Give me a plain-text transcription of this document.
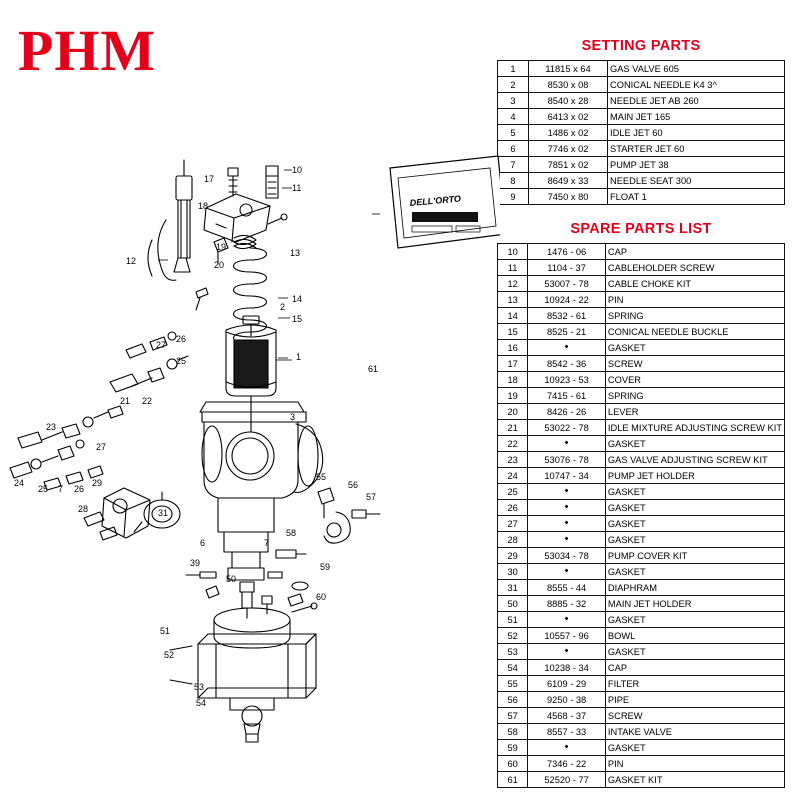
PHM	SETTING PARTS
1	11815 x 64	GAS VALVE 605
2	8530 x 08	CONICAL NEEDLE K4 3^
3	8540 x 28	NEEDLE JET AB 260
4	6413 x 02	MAIN JET 165
5	1486 x 02	IDLE JET 60
6	7746 x 02	STARTER JET 60
7	7851 x 02	PUMP JET 38
8	8649 x 33	NEEDLE SEAT 300
9	7450 x 80	FLOAT 1
SPARE PARTS LIST
10	1476 - 06	CAP
11	1104 - 37	CABLEHOLDER SCREW
12	53007 - 78	CABLE CHOKE KIT
13	10924 - 22	PIN
14	8532 - 61	SPRING
15	8525 - 21	CONICAL NEEDLE BUCKLE
16	•	GASKET
17	8542 - 36	SCREW
18	10923 - 53	COVER
19	7415 - 61	SPRING
20	8426 - 26	LEVER
21	53022 - 78	IDLE MIXTURE ADJUSTING SCREW KIT
22	•	GASKET
23	53076 - 78	GAS VALVE ADJUSTING SCREW KIT
24	10747 - 34	PUMP JET HOLDER
25	•	GASKET
26	•	GASKET
27	•	GASKET
28	•	GASKET
29	53034 - 78	PUMP COVER KIT
30	•	GASKET
31	8555 - 44	DIAPHRAM
50	8885 - 32	MAIN JET HOLDER
51	•	GASKET
52	10557 - 96	BOWL
53	•	GASKET
54	10238 - 34	CAP
55	6109 - 29	FILTER
56	9250 - 38	PIPE
57	4568 - 37	SCREW
58	8557 - 33	INTAKE VALVE
59	•	GASKET
60	7346 - 22	PIN
61	52520 - 77	GASKET KIT
DELL'ORTO
10
11
17
18
19
20
13
12
14
15
1
27
26
25
21 22
23
27
24
25 7 26
29
28	31
55
56
57
6	7
58
39
50
59
60
51
52
53
54
61
2
3
